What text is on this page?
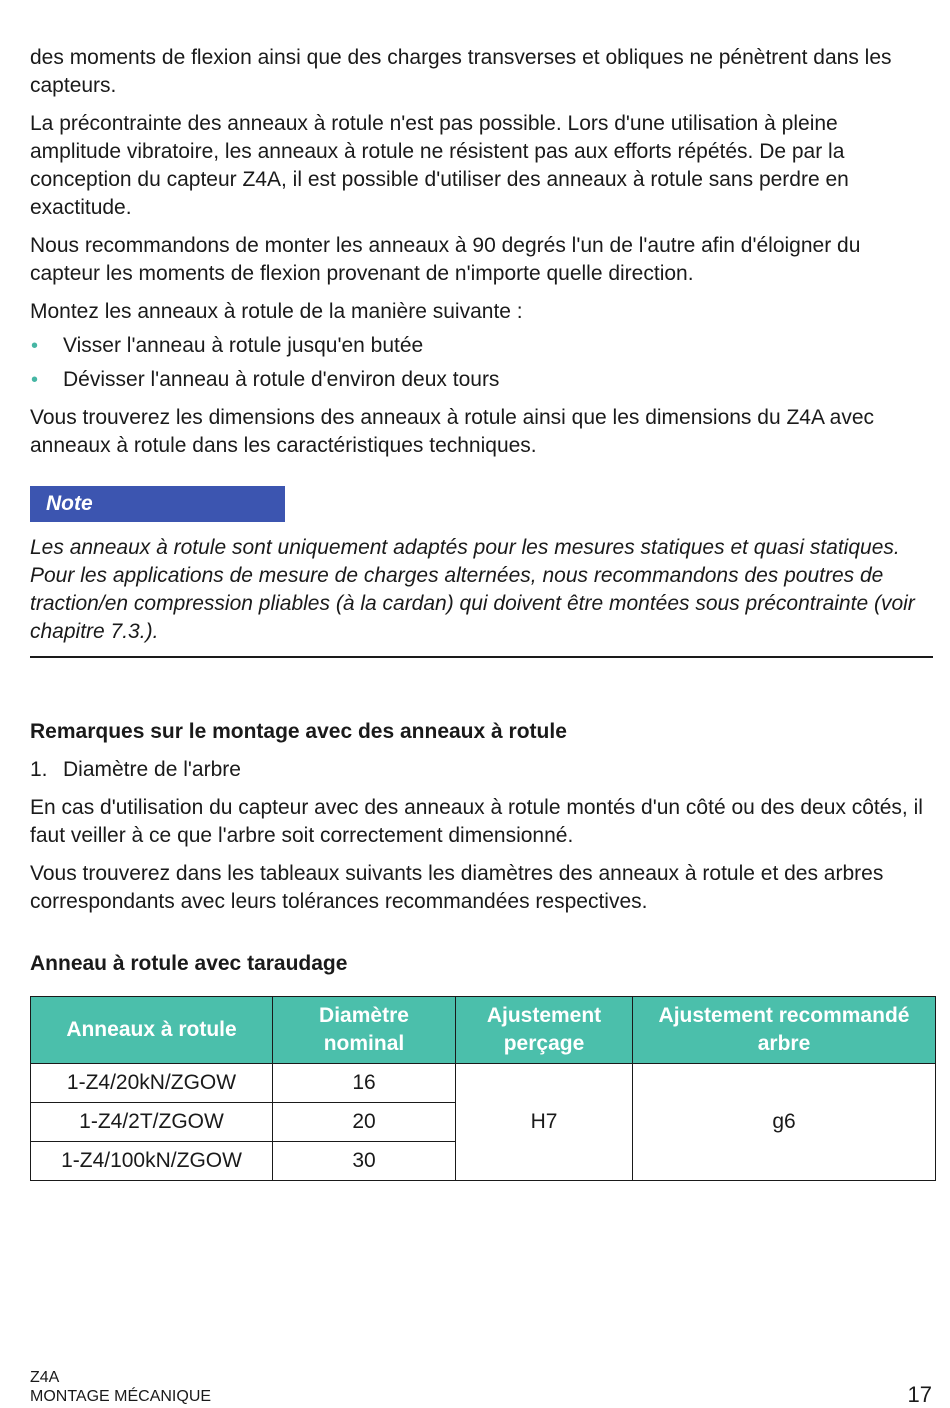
des moments de flexion ainsi que des charges transverses et obliques ne pénètrent dans les capteurs.

La précontrainte des anneaux à rotule n'est pas possible. Lors d'une utilisation à pleine amplitude vibratoire, les anneaux à rotule ne résistent pas aux efforts répétés. De par la conception du capteur Z4A, il est possible d'utiliser des anneaux à rotule sans perdre en exactitude.

Nous recommandons de monter les anneaux à 90 degrés l'un de l'autre afin d'éloigner du capteur les moments de flexion provenant de n'importe quelle direction.

Montez les anneaux à rotule de la manière suivante :

• Visser l'anneau à rotule jusqu'en butée
• Dévisser l'anneau à rotule d'environ deux tours

Vous trouverez les dimensions des anneaux à rotule ainsi que les dimensions du Z4A avec anneaux à rotule dans les caractéristiques techniques.

Note
Les anneaux à rotule sont uniquement adaptés pour les mesures statiques et quasi statiques. Pour les applications de mesure de charges alternées, nous recommandons des poutres de traction/en compression pliables (à la cardan) qui doivent être montées sous précontrainte (voir chapitre 7.3.).
Remarques sur le montage avec des anneaux à rotule
1. Diamètre de l'arbre

En cas d'utilisation du capteur avec des anneaux à rotule montés d'un côté ou des deux côtés, il faut veiller à ce que l'arbre soit correctement dimensionné.

Vous trouverez dans les tableaux suivants les diamètres des anneaux à rotule et des arbres correspondants avec leurs tolérances recommandées respectives.

Anneau à rotule avec taraudage
Anneaux à rotule	Diamètre nominal	Ajustement perçage	Ajustement recommandé arbre
1-Z4/20kN/ZGOW	16	H7	g6
1-Z4/2T/ZGOW	20		
1-Z4/100kN/ZGOW	30		
Z4A
MONTAGE MÉCANIQUE	17
